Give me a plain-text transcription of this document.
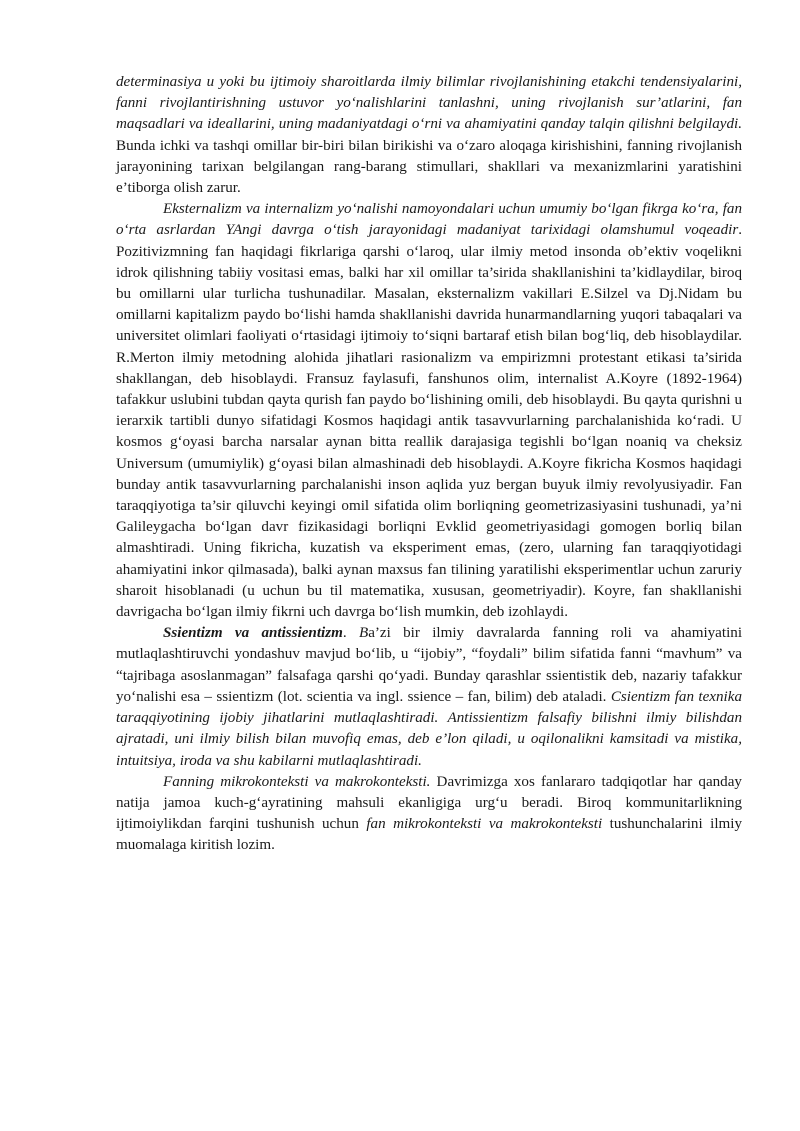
determinasiya u yoki bu ijtimoiy sharoitlarda ilmiy bilimlar rivojlanishining etakchi tendensiyalarini, fanni rivojlantirishning ustuvor yo‘nalishlarini tanlashni, uning rivojlanish sur’atlarini, fan maqsadlari va ideallarini, uning madaniyatdagi o‘rni va ahamiyatini qanday talqin qilishni belgilaydi. Bunda ichki va tashqi omillar bir-biri bilan birikishi va o‘zaro aloqaga kirishishini, fanning rivojlanish jarayonining tarixan belgilangan rang-barang stimullari, shakllari va mexanizmlarini yaratishini e’tiborga olish zarur.

Eksternalizm va internalizm yo‘nalishi namoyondalari uchun umumiy bo‘lgan fikrga ko‘ra, fan o‘rta asrlardan YAngi davrga o‘tish jarayonidagi madaniyat tarixidagi olamshumul voqeadir. Pozitivizmning fan haqidagi fikrlariga qarshi o‘laroq, ular ilmiy metod insonda ob’ektiv voqelikni idrok qilishning tabiiy vositasi emas, balki har xil omillar ta’sirida shakllanishini ta’kidlaydilar, biroq bu omillarni ular turlicha tushunadilar. Masalan, eksternalizm vakillari E.Silzel va Dj.Nidam bu omillarni kapitalizm paydo bo‘lishi hamda shakllanishi davrida hunarmandlarning yuqori tabaqalari va universitet olimlari faoliyati o‘rtasidagi ijtimoiy to‘siqni bartaraf etish bilan bog‘liq, deb hisoblaydilar. R.Merton ilmiy metodning alohida jihatlari rasionalizm va empirizmni protestant etikasi ta’sirida shakllangan, deb hisoblaydi. Fransuz faylasufi, fanshunos olim, internalist A.Koyre (1892-1964) tafakkur uslubini tubdan qayta qurish fan paydo bo‘lishining omili, deb hisoblaydi. Bu qayta qurishni u ierarxik tartibli dunyo sifatidagi Kosmos haqidagi antik tasavvurlarning parchalanishida ko‘radi. U kosmos g‘oyasi barcha narsalar aynan bitta reallik darajasiga tegishli bo‘lgan noaniq va cheksiz Universum (umumiylik) g‘oyasi bilan almashinadi deb hisoblaydi. A.Koyre fikricha Kosmos haqidagi bunday antik tasavvurlarning parchalanishi inson aqlida yuz bergan buyuk ilmiy revolyusiyadir. Fan taraqqiyotiga ta’sir qiluvchi keyingi omil sifatida olim borliqning geometrizasiyasini tushunadi, ya’ni Galileygacha bo‘lgan davr fizikasidagi borliqni Evklid geometriyasidagi gomogen borliq bilan almashtiradi. Uning fikricha, kuzatish va eksperiment emas, (zero, ularning fan taraqqiyotidagi ahamiyatini inkor qilmasada), balki aynan maxsus fan tilining yaratilishi eksperimentlar uchun zaruriy sharoit hisoblanadi (u uchun bu til matematika, xususan, geometriyadir). Koyre, fan shakllanishi davrigacha bo‘lgan ilmiy fikrni uch davrga bo‘lish mumkin, deb izohlaydi.

Ssientizm va antissientizm. Ba’zi bir ilmiy davralarda fanning roli va ahamiyatini mutlaqlashtiruvchi yondashuv mavjud bo‘lib, u “ijobiy”, “foydali” bilim sifatida fanni “mavhum” va “tajribaga asoslanmagan” falsafaga qarshi qo‘yadi. Bunday qarashlar ssientistik deb, nazariy tafakkur yo‘nalishi esa – ssientizm (lot. scientia va ingl. ssience – fan, bilim) deb ataladi. Csientizm fan texnika taraqqiyotining ijobiy jihatlarini mutlaqlashtiradi. Antissientizm falsafiy bilishni ilmiy bilishdan ajratadi, uni ilmiy bilish bilan muvofiq emas, deb e’lon qiladi, u oqilonalikni kamsitadi va mistika, intuitsiya, iroda va shu kabilarni mutlaqlashtiradi.

Fanning mikrokonteksti va makrokonteksti. Davrimizga xos fanlararo tadqiqotlar har qanday natija jamoa kuch-g‘ayratining mahsuli ekanligiga urg‘u beradi. Biroq kommunitarlikning ijtimoiylikdan farqini tushunish uchun fan mikrokonteksti va makrokonteksti tushunchalarini ilmiy muomalaga kiritish lozim.
